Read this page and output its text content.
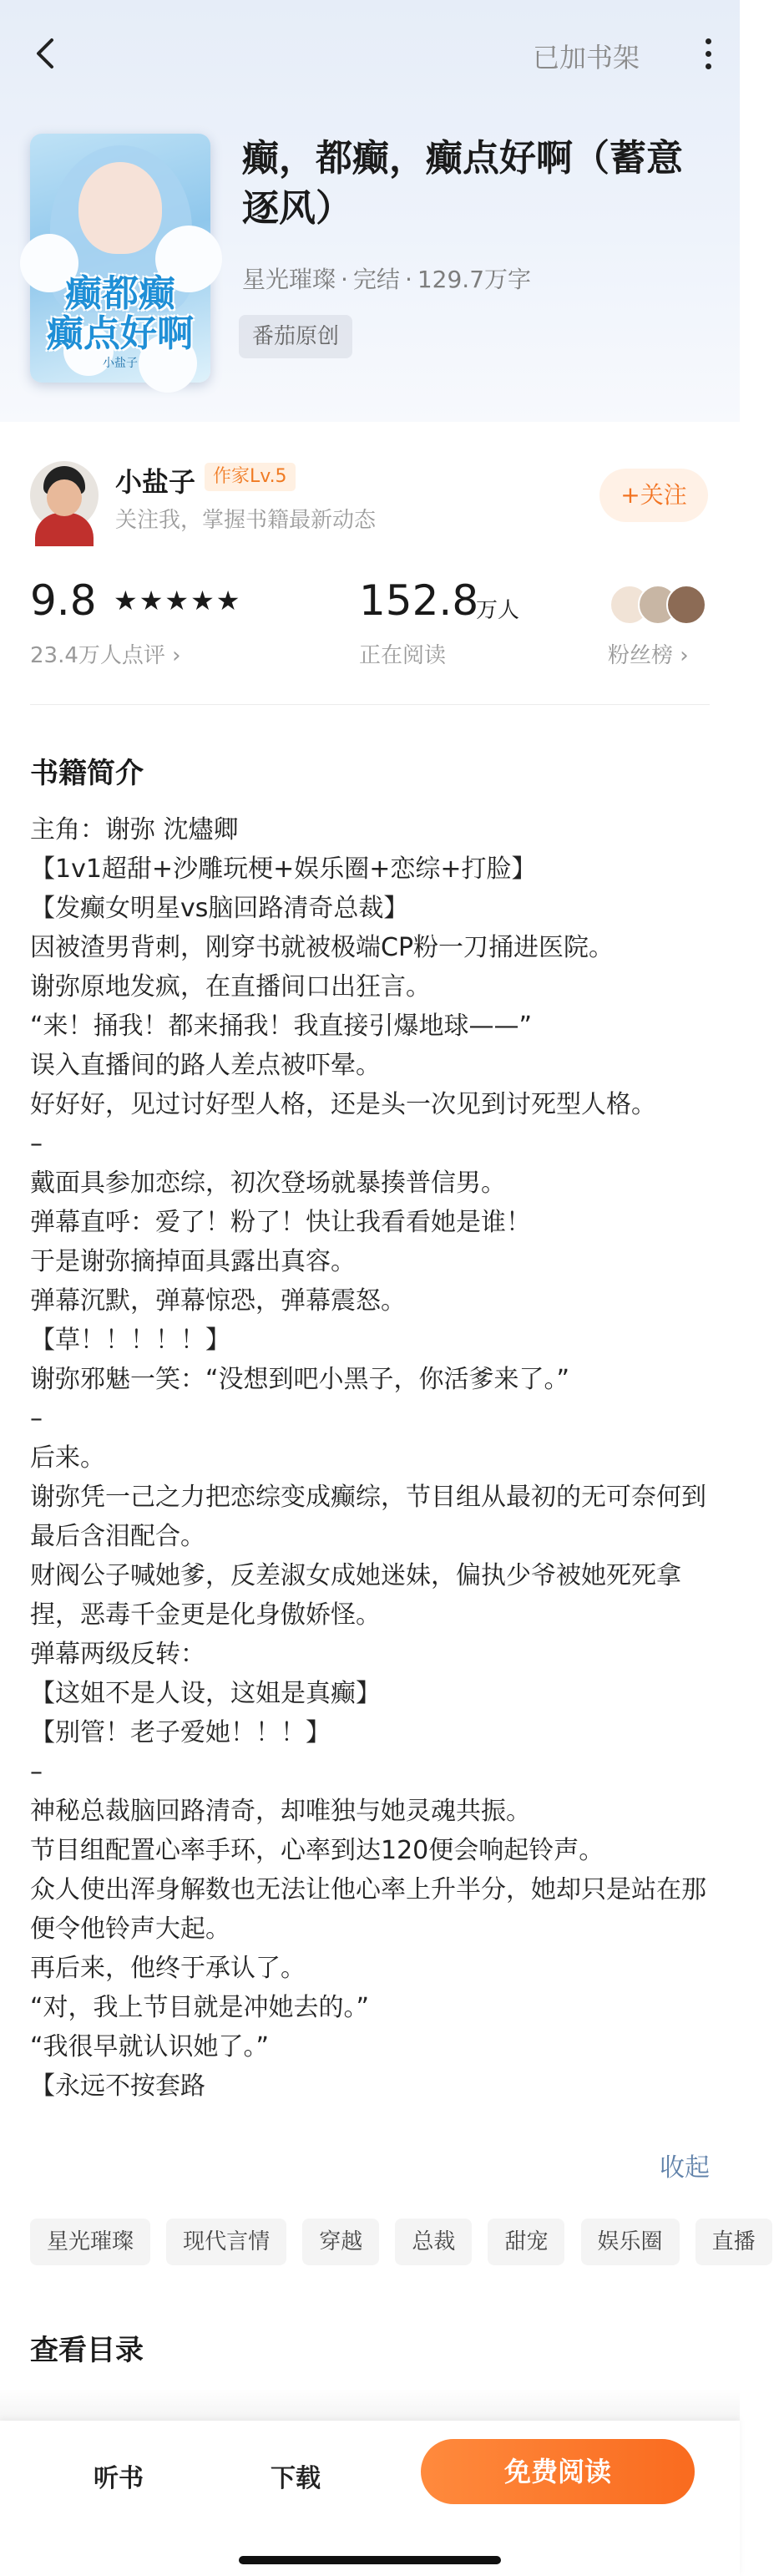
已加书架
癫都癫
癫点好啊
小盐子
癫，都癫，癫点好啊（蓄意逐风）
星光璀璨 · 完结 · 129.7万字
番茄原创
小盐子 作家Lv.5
关注我，掌握书籍最新动态
+关注
9.8 ★★★★★
23.4万人点评 ›
152.8
万人
正在阅读	粉丝榜 ›
书籍简介
主角：谢弥 沈燼卿
【1v1超甜+沙雕玩梗+娱乐圈+恋综+打脸】
【发癫女明星vs脑回路清奇总裁】
因被渣男背刺，刚穿书就被极端CP粉一刀捅进医院。
谢弥原地发疯，在直播间口出狂言。
“来！捅我！都来捅我！我直接引爆地球——”
误入直播间的路人差点被吓晕。
好好好，见过讨好型人格，还是头一次见到讨死型人格。
–
戴面具参加恋综，初次登场就暴揍普信男。
弹幕直呼：爱了！粉了！快让我看看她是谁！
于是谢弥摘掉面具露出真容。
弹幕沉默，弹幕惊恐，弹幕震怒。
【草！！！！！】
谢弥邪魅一笑：“没想到吧小黑子，你活爹来了。”
–
后来。
谢弥凭一己之力把恋综变成癫综，节目组从最初的无可奈何到最后含泪配合。
财阀公子喊她爹，反差淑女成她迷妹，偏执少爷被她死死拿捏，恶毒千金更是化身傲娇怪。
弹幕两级反转：
【这姐不是人设，这姐是真癫】
【别管！老子爱她！！！】
–
神秘总裁脑回路清奇，却唯独与她灵魂共振。
节目组配置心率手环，心率到达120便会响起铃声。
众人使出浑身解数也无法让他心率上升半分，她却只是站在那便令他铃声大起。
再后来，他终于承认了。
“对，我上节目就是冲她去的。”
“我很早就认识她了。”
【永远不按套路
收起
星光璀璨 现代言情 穿越 总裁 甜宠 娱乐圈 直播
查看目录
听书	下载	免费阅读
